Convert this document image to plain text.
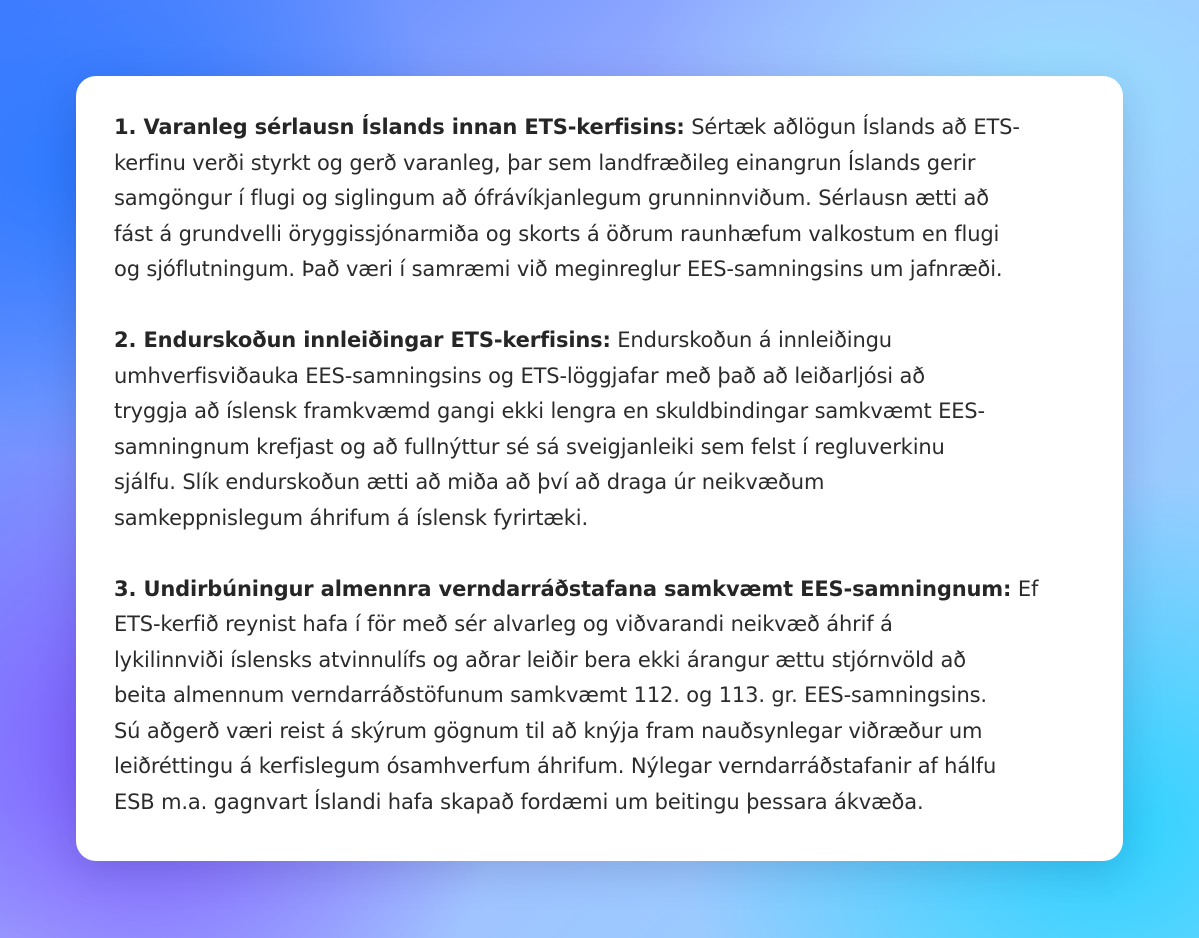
1. Varanleg sérlausn Íslands innan ETS-kerfisins: Sértæk aðlögun Íslands að ETS-
kerfinu verði styrkt og gerð varanleg, þar sem landfræðileg einangrun Íslands gerir
samgöngur í flugi og siglingum að ófrávíkjanlegum grunninnviðum. Sérlausn ætti að
fást á grundvelli öryggissjónarmiða og skorts á öðrum raunhæfum valkostum en flugi
og sjóflutningum. Það væri í samræmi við meginreglur EES-samningsins um jafnræði.

2. Endurskoðun innleiðingar ETS-kerfisins: Endurskoðun á innleiðingu
umhverfisviðauka EES-samningsins og ETS-löggjafar með það að leiðarljósi að
tryggja að íslensk framkvæmd gangi ekki lengra en skuldbindingar samkvæmt EES-
samningnum krefjast og að fullnýttur sé sá sveigjanleiki sem felst í regluverkinu
sjálfu. Slík endurskoðun ætti að miða að því að draga úr neikvæðum
samkeppnislegum áhrifum á íslensk fyrirtæki.

3. Undirbúningur almennra verndarráðstafana samkvæmt EES-samningnum: Ef
ETS-kerfið reynist hafa í för með sér alvarleg og viðvarandi neikvæð áhrif á
lykilinnviði íslensks atvinnulífs og aðrar leiðir bera ekki árangur ættu stjórnvöld að
beita almennum verndarráðstöfunum samkvæmt 112. og 113. gr. EES-samningsins.
Sú aðgerð væri reist á skýrum gögnum til að knýja fram nauðsynlegar viðræður um
leiðréttingu á kerfislegum ósamhverfum áhrifum. Nýlegar verndarráðstafanir af hálfu
ESB m.a. gagnvart Íslandi hafa skapað fordæmi um beitingu þessara ákvæða.
